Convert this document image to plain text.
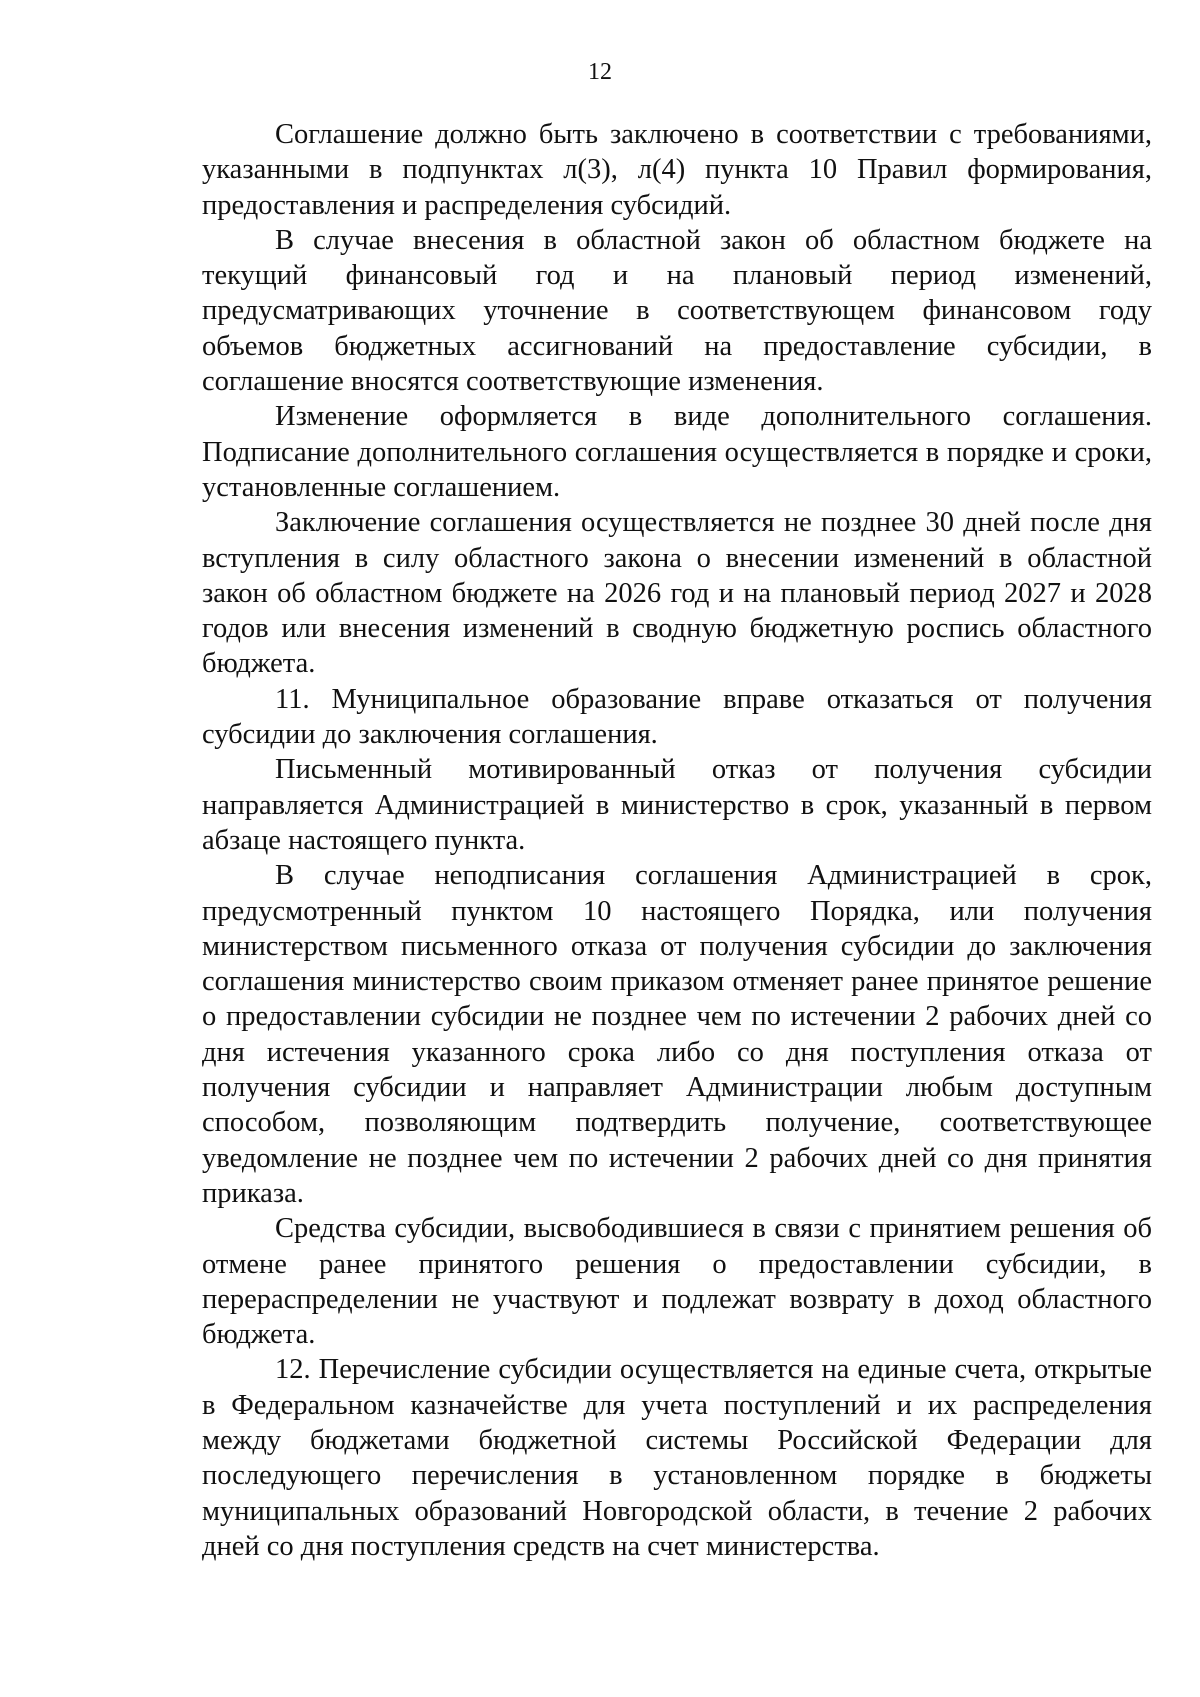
12

Соглашение должно быть заключено в соответствии с требованиями, указанными в подпунктах л(3), л(4) пункта 10 Правил формирования, предоставления и распределения субсидий.

В случае внесения в областной закон об областном бюджете на текущий финансовый год и на плановый период изменений, предусматривающих уточнение в соответствующем финансовом году объемов бюджетных ассигнований на предоставление субсидии, в соглашение вносятся соответствующие изменения.

Изменение оформляется в виде дополнительного соглашения. Подписание дополнительного соглашения осуществляется в порядке и сроки, установленные соглашением.

Заключение соглашения осуществляется не позднее 30 дней после дня вступления в силу областного закона о внесении изменений в областной закон об областном бюджете на 2026 год и на плановый период 2027 и 2028 годов или внесения изменений в сводную бюджетную роспись областного бюджета.

11. Муниципальное образование вправе отказаться от получения субсидии до заключения соглашения.

Письменный мотивированный отказ от получения субсидии направляется Администрацией в министерство в срок, указанный в первом абзаце настоящего пункта.

В случае неподписания соглашения Администрацией в срок, предусмотренный пунктом 10 настоящего Порядка, или получения министерством письменного отказа от получения субсидии до заключения соглашения министерство своим приказом отменяет ранее принятое решение о предоставлении субсидии не позднее чем по истечении 2 рабочих дней со дня истечения указанного срока либо со дня поступления отказа от получения субсидии и направляет Администрации любым доступным способом, позволяющим подтвердить получение, соответствующее уведомление не позднее чем по истечении 2 рабочих дней со дня принятия приказа.

Средства субсидии, высвободившиеся в связи с принятием решения об отмене ранее принятого решения о предоставлении субсидии, в перераспределении не участвуют и подлежат возврату в доход областного бюджета.

12. Перечисление субсидии осуществляется на единые счета, открытые в Федеральном казначействе для учета поступлений и их распределения между бюджетами бюджетной системы Российской Федерации для последующего перечисления в установленном порядке в бюджеты муниципальных образований Новгородской области, в течение 2 рабочих дней со дня поступления средств на счет министерства.
